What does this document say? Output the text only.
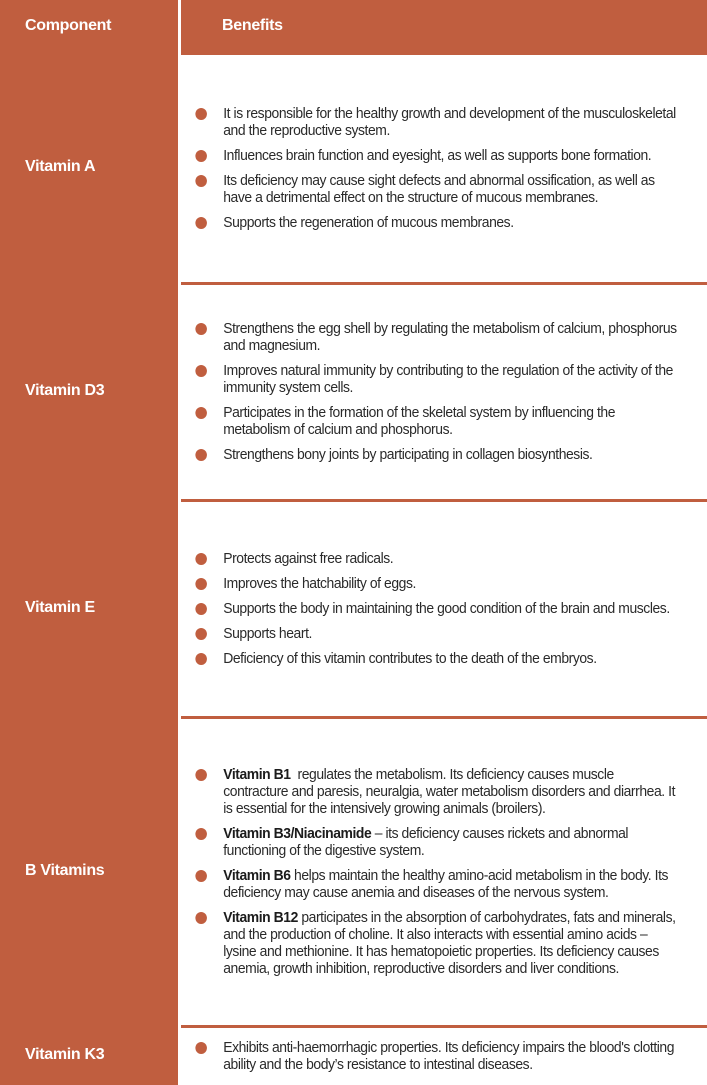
Component	Benefits
Vitamin A
It is responsible for the healthy growth and development of the musculoskeletal and the reproductive system.
Influences brain function and eyesight, as well as supports bone formation.
Its deficiency may cause sight defects and abnormal ossification, as well as have a detrimental effect on the structure of mucous membranes.
Supports the regeneration of mucous membranes.
Vitamin D3
Strengthens the egg shell by regulating the metabolism of calcium, phosphorus and magnesium.
Improves natural immunity by contributing to the regulation of the activity of the immunity system cells.
Participates in the formation of the skeletal system by influencing the metabolism of calcium and phosphorus.
Strengthens bony joints by participating in collagen biosynthesis.
Vitamin E
Protects against free radicals.
Improves the hatchability of eggs.
Supports the body in maintaining the good condition of the brain and muscles.
Supports heart.
Deficiency of this vitamin contributes to the death of the embryos.
B Vitamins
Vitamin B1  regulates the metabolism. Its deficiency causes muscle contracture and paresis, neuralgia, water metabolism disorders and diarrhea. It is essential for the intensively growing animals (broilers).
Vitamin B3/Niacinamide – its deficiency causes rickets and abnormal functioning of the digestive system.
Vitamin B6 helps maintain the healthy amino-acid metabolism in the body. Its deficiency may cause anemia and diseases of the nervous system.
Vitamin B12 participates in the absorption of carbohydrates, fats and minerals, and the production of choline. It also interacts with essential amino acids – lysine and methionine. It has hematopoietic properties. Its deficiency causes anemia, growth inhibition, reproductive disorders and liver conditions.
Vitamin K3	Exhibits anti-haemorrhagic properties. Its deficiency impairs the blood's clotting ability and the body’s resistance to intestinal diseases.
